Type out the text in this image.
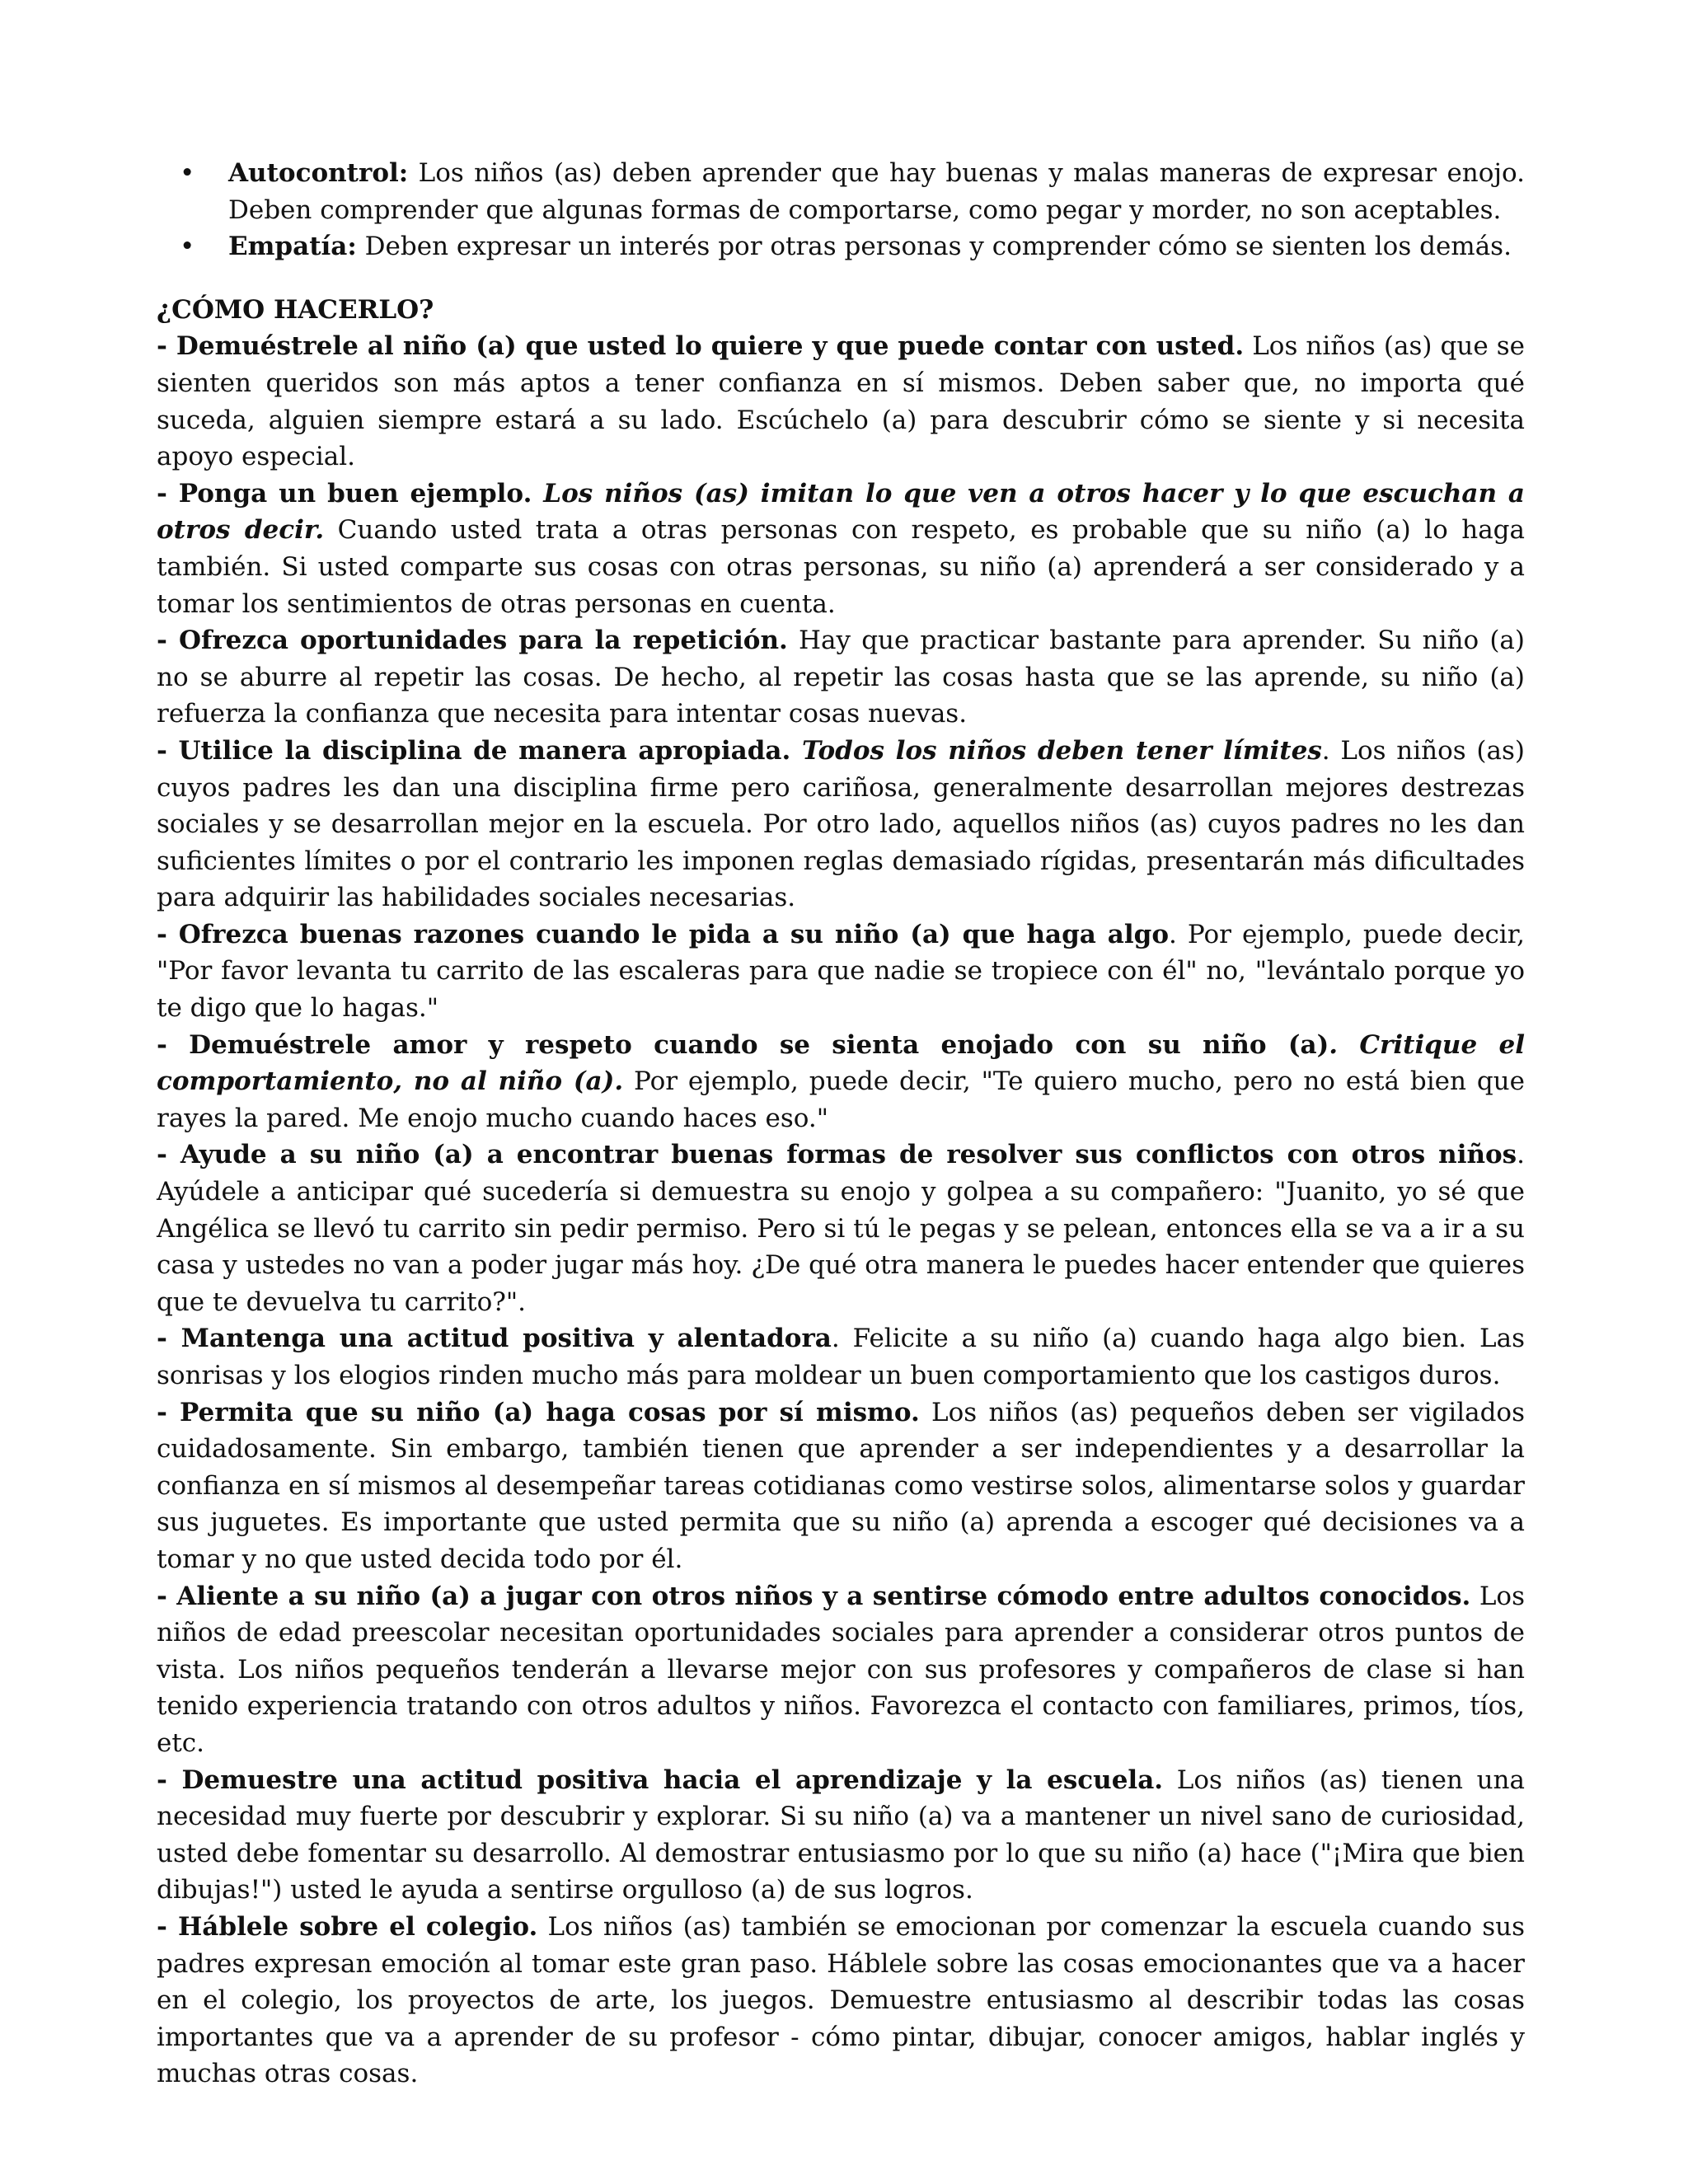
• Autocontrol: Los niños (as) deben aprender que hay buenas y malas maneras de expresar enojo. Deben comprender que algunas formas de comportarse, como pegar y morder, no son aceptables.
• Empatía: Deben expresar un interés por otras personas y comprender cómo se sienten los demás.

¿CÓMO HACERLO?

- Demuéstrele al niño (a) que usted lo quiere y que puede contar con usted. Los niños (as) que se sienten queridos son más aptos a tener confianza en sí mismos. Deben saber que, no importa qué suceda, alguien siempre estará a su lado. Escúchelo (a) para descubrir cómo se siente y si necesita apoyo especial.

- Ponga un buen ejemplo. Los niños (as) imitan lo que ven a otros hacer y lo que escuchan a otros decir. Cuando usted trata a otras personas con respeto, es probable que su niño (a) lo haga también. Si usted comparte sus cosas con otras personas, su niño (a) aprenderá a ser considerado y a tomar los sentimientos de otras personas en cuenta.

- Ofrezca oportunidades para la repetición. Hay que practicar bastante para aprender. Su niño (a) no se aburre al repetir las cosas. De hecho, al repetir las cosas hasta que se las aprende, su niño (a) refuerza la confianza que necesita para intentar cosas nuevas.

- Utilice la disciplina de manera apropiada. Todos los niños deben tener límites. Los niños (as) cuyos padres les dan una disciplina firme pero cariñosa, generalmente desarrollan mejores destrezas sociales y se desarrollan mejor en la escuela. Por otro lado, aquellos niños (as) cuyos padres no les dan suficientes límites o por el contrario les imponen reglas demasiado rígidas, presentarán más dificultades para adquirir las habilidades sociales necesarias.

- Ofrezca buenas razones cuando le pida a su niño (a) que haga algo. Por ejemplo, puede decir, "Por favor levanta tu carrito de las escaleras para que nadie se tropiece con él" no, "levántalo porque yo te digo que lo hagas."

- Demuéstrele amor y respeto cuando se sienta enojado con su niño (a). Critique el comportamiento, no al niño (a). Por ejemplo, puede decir, "Te quiero mucho, pero no está bien que rayes la pared. Me enojo mucho cuando haces eso."

- Ayude a su niño (a) a encontrar buenas formas de resolver sus conflictos con otros niños. Ayúdele a anticipar qué sucedería si demuestra su enojo y golpea a su compañero: "Juanito, yo sé que Angélica se llevó tu carrito sin pedir permiso. Pero si tú le pegas y se pelean, entonces ella se va a ir a su casa y ustedes no van a poder jugar más hoy. ¿De qué otra manera le puedes hacer entender que quieres que te devuelva tu carrito?".

- Mantenga una actitud positiva y alentadora. Felicite a su niño (a) cuando haga algo bien. Las sonrisas y los elogios rinden mucho más para moldear un buen comportamiento que los castigos duros.

- Permita que su niño (a) haga cosas por sí mismo. Los niños (as) pequeños deben ser vigilados cuidadosamente. Sin embargo, también tienen que aprender a ser independientes y a desarrollar la confianza en sí mismos al desempeñar tareas cotidianas como vestirse solos, alimentarse solos y guardar sus juguetes. Es importante que usted permita que su niño (a) aprenda a escoger qué decisiones va a tomar y no que usted decida todo por él.

- Aliente a su niño (a) a jugar con otros niños y a sentirse cómodo entre adultos conocidos. Los niños de edad preescolar necesitan oportunidades sociales para aprender a considerar otros puntos de vista. Los niños pequeños tenderán a llevarse mejor con sus profesores y compañeros de clase si han tenido experiencia tratando con otros adultos y niños. Favorezca el contacto con familiares, primos, tíos, etc.

- Demuestre una actitud positiva hacia el aprendizaje y la escuela. Los niños (as) tienen una necesidad muy fuerte por descubrir y explorar. Si su niño (a) va a mantener un nivel sano de curiosidad, usted debe fomentar su desarrollo. Al demostrar entusiasmo por lo que su niño (a) hace ("¡Mira que bien dibujas!") usted le ayuda a sentirse orgulloso (a) de sus logros.

- Háblele sobre el colegio. Los niños (as) también se emocionan por comenzar la escuela cuando sus padres expresan emoción al tomar este gran paso. Háblele sobre las cosas emocionantes que va a hacer en el colegio, los proyectos de arte, los juegos. Demuestre entusiasmo al describir todas las cosas importantes que va a aprender de su profesor - cómo pintar, dibujar, conocer amigos, hablar inglés y muchas otras cosas.
